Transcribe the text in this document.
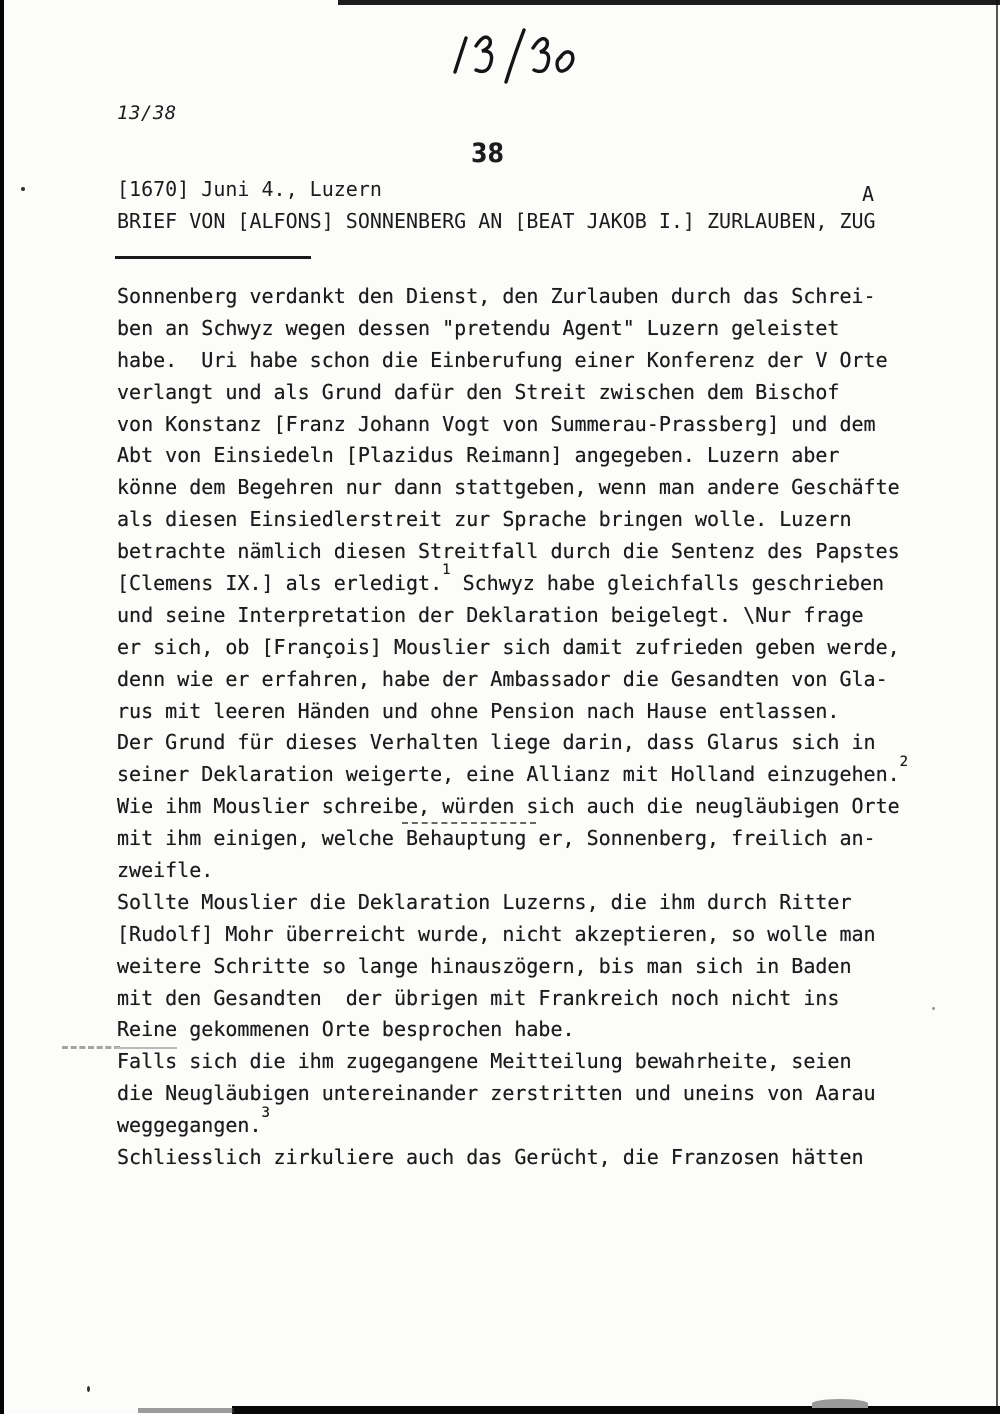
13/38
38
[1670] Juni 4., Luzern	A
BRIEF VON [ALFONS] SONNENBERG AN [BEAT JAKOB I.] ZURLAUBEN, ZUG
Sonnenberg verdankt den Dienst, den Zurlauben durch das Schrei-
ben an Schwyz wegen dessen "pretendu Agent" Luzern geleistet
habe.  Uri habe schon die Einberufung einer Konferenz der V Orte
verlangt und als Grund dafür den Streit zwischen dem Bischof
von Konstanz [Franz Johann Vogt von Summerau-Prassberg] und dem
Abt von Einsiedeln [Plazidus Reimann] angegeben. Luzern aber
könne dem Begehren nur dann stattgeben, wenn man andere Geschäfte
als diesen Einsiedlerstreit zur Sprache bringen wolle. Luzern
betrachte nämlich diesen Streitfall durch die Sentenz des Papstes
[Clemens IX.] als erledigt.$^1$ Schwyz habe gleichfalls geschrieben
und seine Interpretation der Deklaration beigelegt. \Nur frage
er sich, ob [François] Mouslier sich damit zufrieden geben werde,
denn wie er erfahren, habe der Ambassador die Gesandten von Gla-
rus mit leeren Händen und ohne Pension nach Hause entlassen.
Der Grund für dieses Verhalten liege darin, dass Glarus sich in
seiner Deklaration weigerte, eine Allianz mit Holland einzugehen.$^2$
Wie ihm Mouslier schreibe, würden sich auch die neugläubigen Orte
mit ihm einigen, welche Behauptung er, Sonnenberg, freilich an-
zweifle.
Sollte Mouslier die Deklaration Luzerns, die ihm durch Ritter
[Rudolf] Mohr überreicht wurde, nicht akzeptieren, so wolle man
weitere Schritte so lange hinauszögern, bis man sich in Baden
mit den Gesandten  der übrigen mit Frankreich noch nicht ins
Reine gekommenen Orte besprochen habe.
Falls sich die ihm zugegangene Meitteilung bewahrheite, seien
die Neugläubigen untereinander zerstritten und uneins von Aarau
weggegangen.$^3$
Schliesslich zirkuliere auch das Gerücht, die Franzosen hätten
